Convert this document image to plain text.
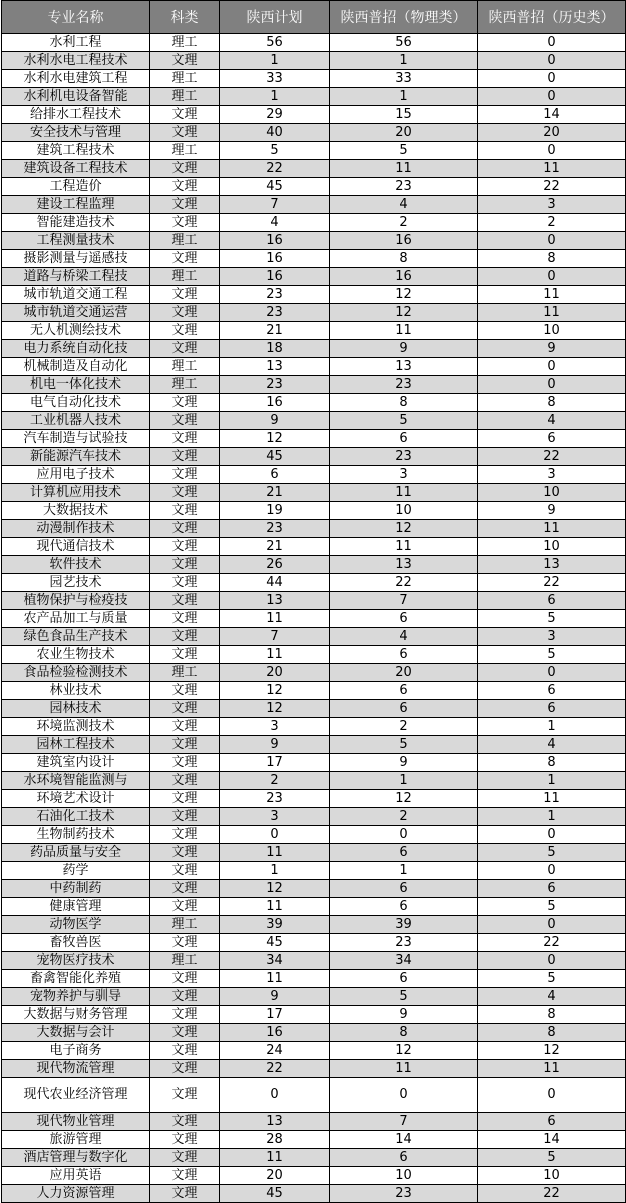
专业名称	科类	陕西计划	陕西普招（物理类）	陕西普招（历史类）
水利工程	理工	56	56	0
水利水电工程技术	文理	1	1	0
水利水电建筑工程	理工	33	33	0
水利机电设备智能	理工	1	1	0
给排水工程技术	文理	29	15	14
安全技术与管理	文理	40	20	20
建筑工程技术	理工	5	5	0
建筑设备工程技术	文理	22	11	11
工程造价	文理	45	23	22
建设工程监理	文理	7	4	3
智能建造技术	文理	4	2	2
工程测量技术	理工	16	16	0
摄影测量与遥感技	文理	16	8	8
道路与桥梁工程技	理工	16	16	0
城市轨道交通工程	文理	23	12	11
城市轨道交通运营	文理	23	12	11
无人机测绘技术	文理	21	11	10
电力系统自动化技	文理	18	9	9
机械制造及自动化	理工	13	13	0
机电一体化技术	理工	23	23	0
电气自动化技术	文理	16	8	8
工业机器人技术	文理	9	5	4
汽车制造与试验技	文理	12	6	6
新能源汽车技术	文理	45	23	22
应用电子技术	文理	6	3	3
计算机应用技术	文理	21	11	10
大数据技术	文理	19	10	9
动漫制作技术	文理	23	12	11
现代通信技术	文理	21	11	10
软件技术	文理	26	13	13
园艺技术	文理	44	22	22
植物保护与检疫技	文理	13	7	6
农产品加工与质量	文理	11	6	5
绿色食品生产技术	文理	7	4	3
农业生物技术	文理	11	6	5
食品检验检测技术	理工	20	20	0
林业技术	文理	12	6	6
园林技术	文理	12	6	6
环境监测技术	文理	3	2	1
园林工程技术	文理	9	5	4
建筑室内设计	文理	17	9	8
水环境智能监测与	文理	2	1	1
环境艺术设计	文理	23	12	11
石油化工技术	文理	3	2	1
生物制药技术	文理	0	0	0
药品质量与安全	文理	11	6	5
药学	文理	1	1	0
中药制药	文理	12	6	6
健康管理	文理	11	6	5
动物医学	理工	39	39	0
畜牧兽医	文理	45	23	22
宠物医疗技术	理工	34	34	0
畜禽智能化养殖	文理	11	6	5
宠物养护与驯导	文理	9	5	4
大数据与财务管理	文理	17	9	8
大数据与会计	文理	16	8	8
电子商务	文理	24	12	12
现代物流管理	文理	22	11	11
现代农业经济管理	文理	0	0	0
现代物业管理	文理	13	7	6
旅游管理	文理	28	14	14
酒店管理与数字化	文理	11	6	5
应用英语	文理	20	10	10
人力资源管理	文理	45	23	22
